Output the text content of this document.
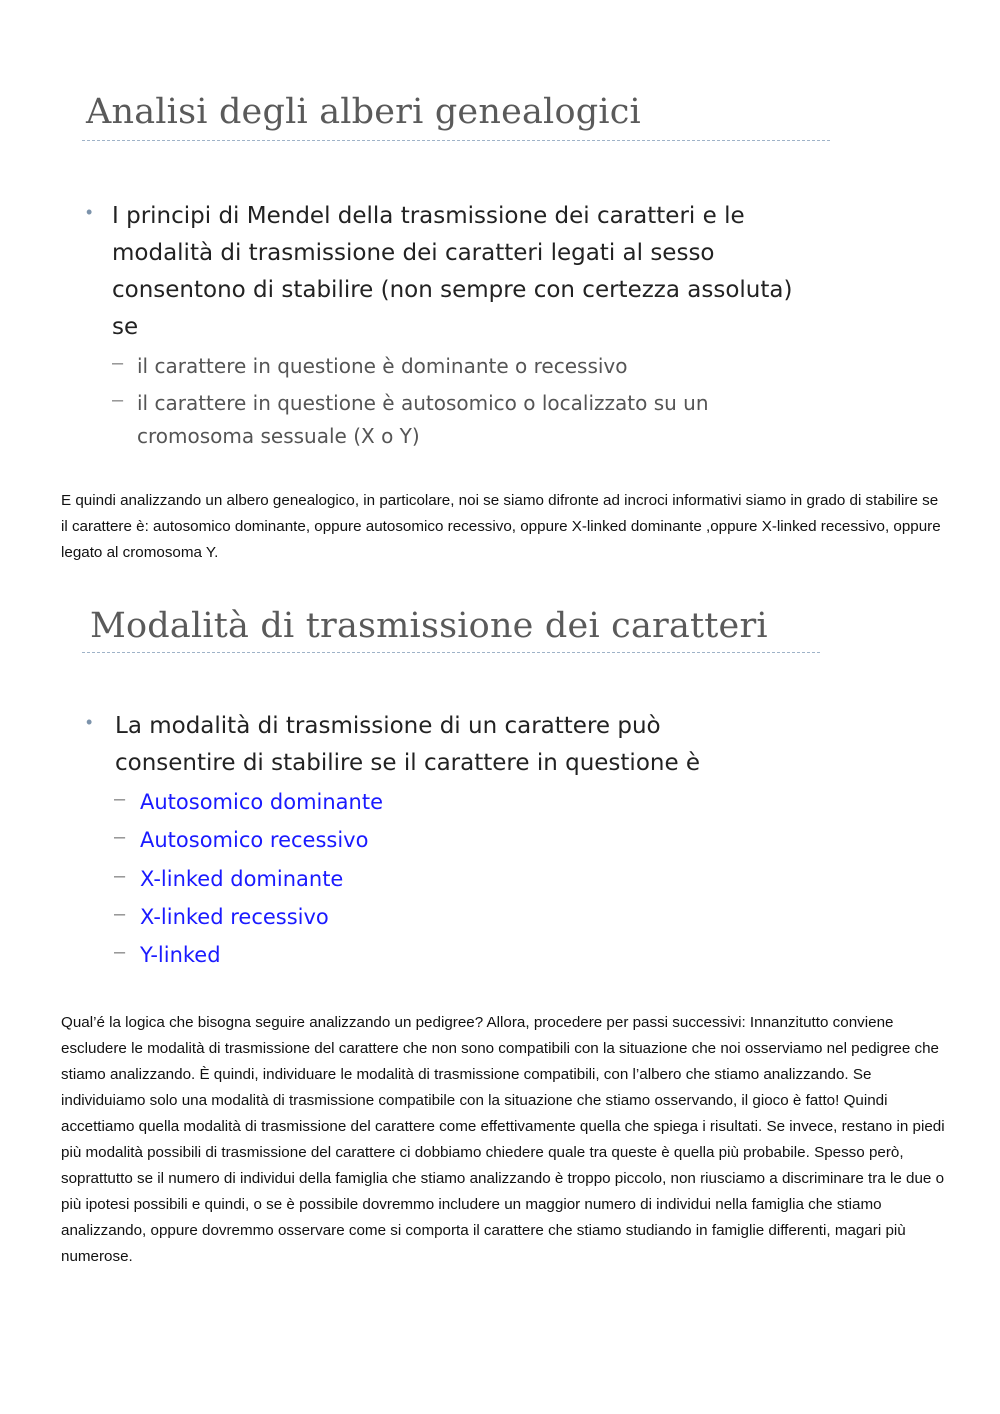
Analisi degli alberi genealogici
• I principi di Mendel della trasmissione dei caratteri e le modalità di trasmissione dei caratteri legati al sesso consentono di stabilire (non sempre con certezza assoluta) se

– il carattere in questione è dominante o recessivo

– il carattere in questione è autosomico o localizzato su un cromosoma sessuale (X o Y)

E quindi analizzando un albero genealogico, in particolare, noi se siamo difronte ad incroci informativi siamo in grado di stabilire se il carattere è: autosomico dominante, oppure autosomico recessivo, oppure X-linked dominante ,oppure X-linked recessivo, oppure legato al cromosoma Y.

Modalità di trasmissione dei caratteri
• La modalità di trasmissione di un carattere può consentire di stabilire se il carattere in questione è

– Autosomico dominante

– Autosomico recessivo

– X-linked dominante

– X-linked recessivo

– Y-linked

Qual’é la logica che bisogna seguire analizzando un pedigree? Allora, procedere per passi successivi: Innanzitutto conviene escludere le modalità di trasmissione del carattere che non sono compatibili con la situazione che noi osserviamo nel pedigree che stiamo analizzando. È quindi, individuare le modalità di trasmissione compatibili, con l’albero che stiamo analizzando. Se individuiamo solo una modalità di trasmissione compatibile con la situazione che stiamo osservando, il gioco è fatto! Quindi accettiamo quella modalità di trasmissione del carattere come effettivamente quella che spiega i risultati. Se invece, restano in piedi più modalità possibili di trasmissione del carattere ci dobbiamo chiedere quale tra queste è quella più probabile. Spesso però, soprattutto se il numero di individui della famiglia che stiamo analizzando è troppo piccolo, non riusciamo a discriminare tra le due o più ipotesi possibili e quindi, o se è possibile dovremmo includere un maggior numero di individui nella famiglia che stiamo analizzando, oppure dovremmo osservare come si comporta il carattere che stiamo studiando in famiglie differenti, magari più numerose.
